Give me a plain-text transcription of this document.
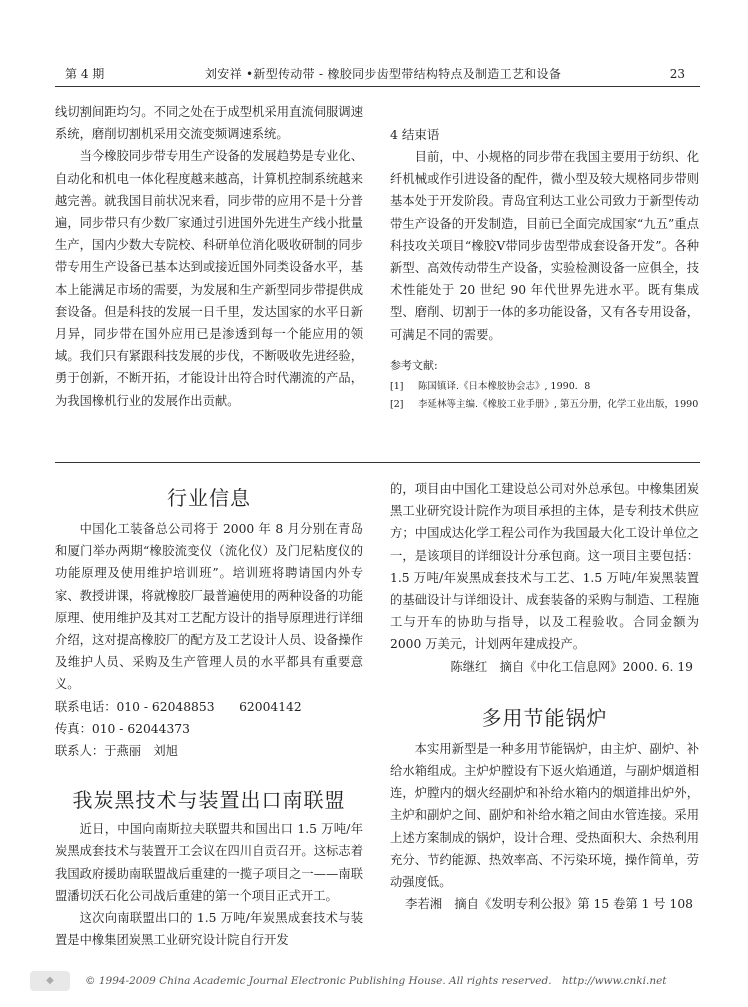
第 4 期	刘安祥 •新型传动带 - 橡胶同步齿型带结构特点及制造工艺和设备	23

线切割间距均匀。不同之处在于成型机采用直流伺服调速系统，磨削切割机采用交流变频调速系统。

当今橡胶同步带专用生产设备的发展趋势是专业化、自动化和机电一体化程度越来越高，计算机控制系统越来越完善。就我国目前状况来看，同步带的应用不是十分普遍，同步带只有少数厂家通过引进国外先进生产线小批量生产，国内少数大专院校、科研单位消化吸收研制的同步带专用生产设备已基本达到或接近国外同类设备水平，基本上能满足市场的需要，为发展和生产新型同步带提供成套设备。但是科技的发展一日千里，发达国家的水平日新月异，同步带在国外应用已是渗透到每一个能应用的领域。我们只有紧跟科技发展的步伐，不断吸收先进经验，勇于创新，不断开拓，才能设计出符合时代潮流的产品，为我国橡机行业的发展作出贡献。

4 结束语

目前，中、小规格的同步带在我国主要用于纺织、化纤机械或作引进设备的配件，微小型及较大规格同步带则基本处于开发阶段。青岛宜利达工业公司致力于新型传动带生产设备的开发制造，目前已全面完成国家“九五”重点科技攻关项目“橡胶V带同步齿型带成套设备开发”。各种新型、高效传动带生产设备，实验检测设备一应俱全，技术性能处于 20 世纪 90 年代世界先进水平。既有集成型、磨削、切割于一体的多功能设备，又有各专用设备，可满足不同的需要。

参考文献:
[1]	陈国镇译.《日本橡胶协会志》, 1990．8
[2]	李延林等主编.《橡胶工业手册》, 第五分册，化学工业出版，1990

行业信息

中国化工装备总公司将于 2000 年 8 月分别在青岛和厦门举办两期“橡胶流变仪（流化仪）及门尼粘度仪的功能原理及使用维护培训班”。培训班将聘请国内外专家、教授讲课，将就橡胶厂最普遍使用的两种设备的功能原理、使用维护及其对工艺配方设计的指导原理进行详细介绍，这对提高橡胶厂的配方及工艺设计人员、设备操作及维护人员、采购及生产管理人员的水平都具有重要意义。

联系电话：010 - 62048853　　62004142

传真：010 - 62044373

联系人：于燕丽　刘旭

我炭黑技术与装置出口南联盟

近日，中国向南斯拉夫联盟共和国出口 1.5 万吨/年炭黑成套技术与装置开工会议在四川自贡召开。这标志着我国政府援助南联盟战后重建的一揽子项目之一——南联盟潘切沃石化公司战后重建的第一个项目正式开工。

这次向南联盟出口的 1.5 万吨/年炭黑成套技术与装置是中橡集团炭黑工业研究设计院自行开发

的，项目由中国化工建设总公司对外总承包。中橡集团炭黑工业研究设计院作为项目承担的主体，是专利技术供应方；中国成达化学工程公司作为我国最大化工设计单位之一，是该项目的详细设计分承包商。这一项目主要包括：1.5 万吨/年炭黑成套技术与工艺、1.5 万吨/年炭黑装置的基础设计与详细设计、成套装备的采购与制造、工程施工与开车的协助与指导，以及工程验收。合同金额为 2000 万美元，计划两年建成投产。

陈继红　摘自《中化工信息网》2000. 6. 19

多用节能锅炉

本实用新型是一种多用节能锅炉，由主炉、副炉、补给水箱组成。主炉炉膛设有下返火焰通道，与副炉烟道相连，炉膛内的烟火经副炉和补给水箱内的烟道排出炉外，主炉和副炉之间、副炉和补给水箱之间由水管连接。采用上述方案制成的锅炉，设计合理、受热面积大、余热利用充分、节约能源、热效率高、不污染环境，操作简单，劳动强度低。

李若湘　摘自《发明专利公报》第 15 卷第 1 号 108

◆	© 1994-2009 China Academic Journal Electronic Publishing House. All rights reserved.　http://www.cnki.net
